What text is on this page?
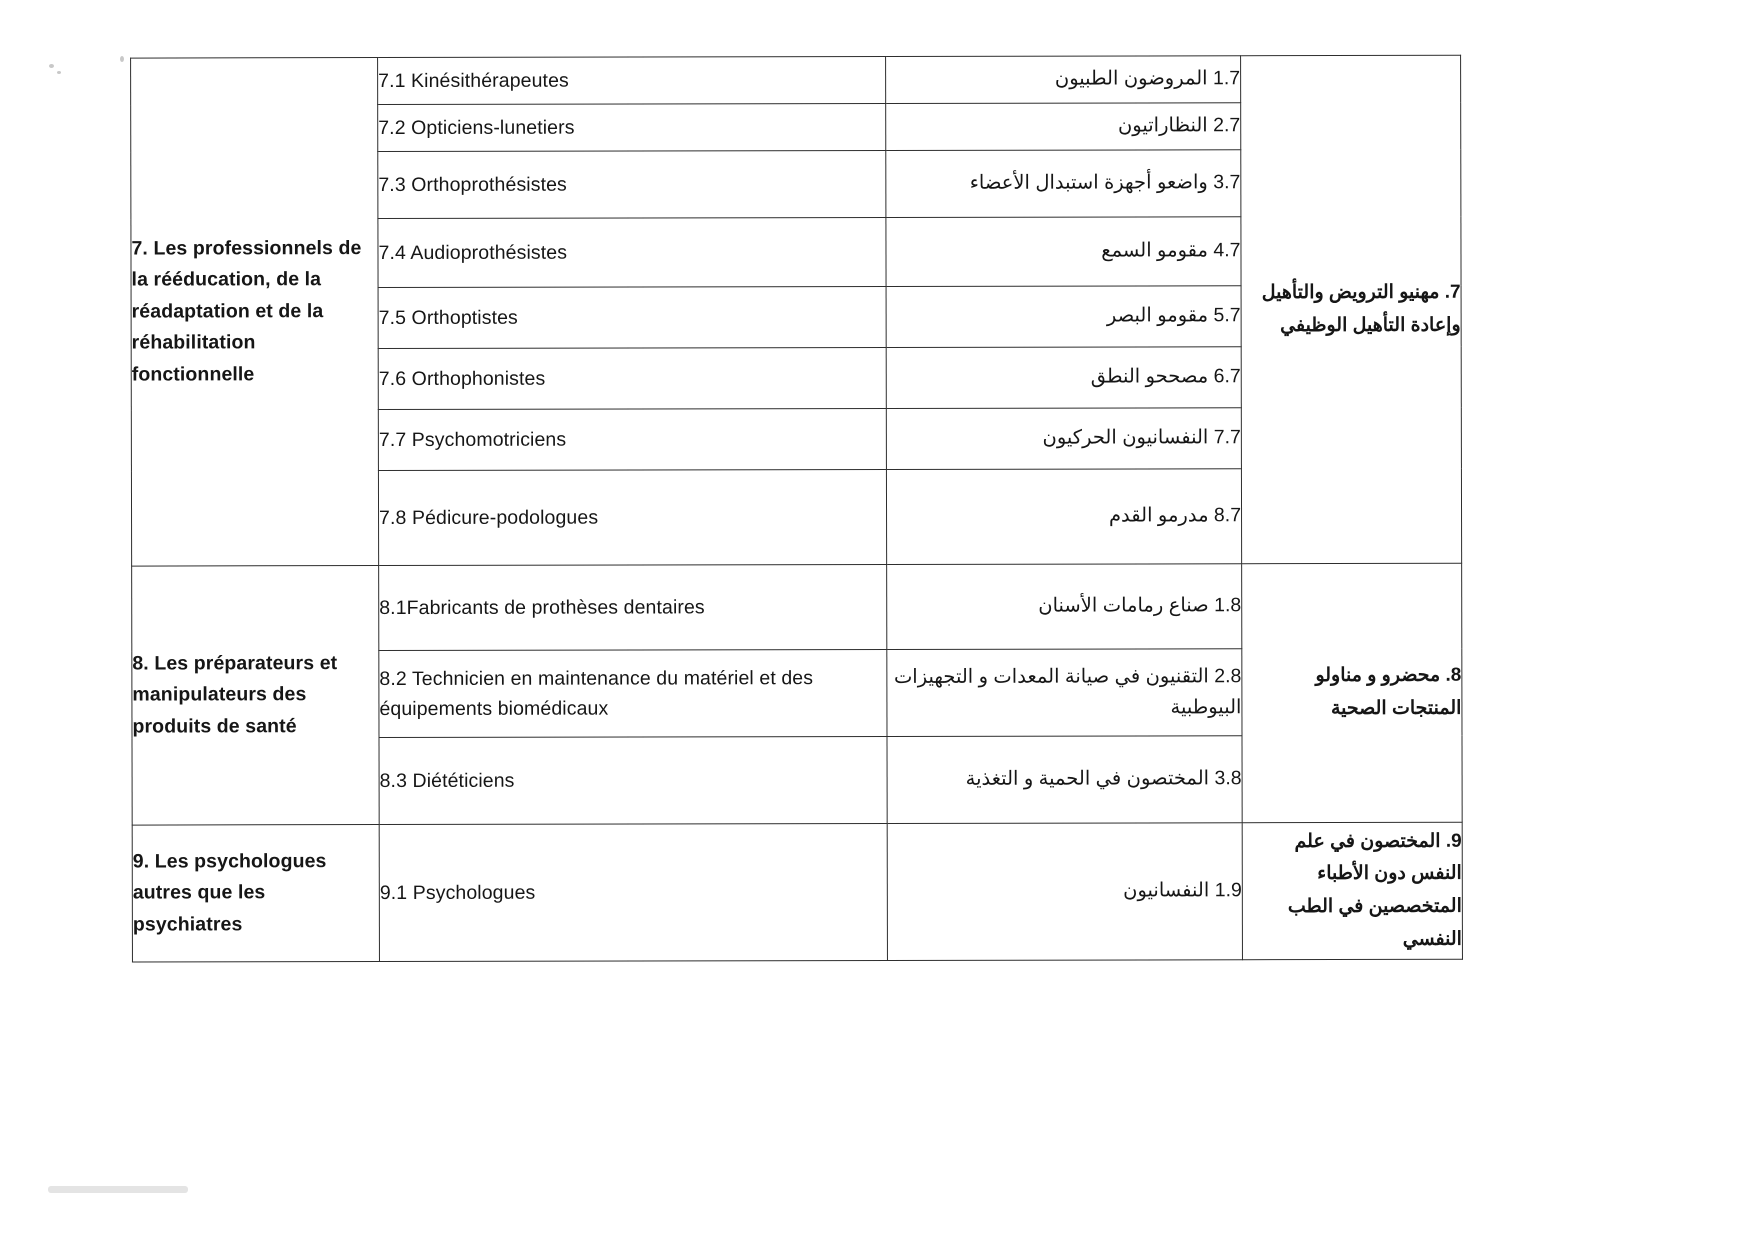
7. Les professionnels de la rééducation, de la réadaptation et de la réhabilitation fonctionnelle	7.1 Kinésithérapeutes	1.7 المروضون الطبيون	7. مهنيو الترويض والتأهيل وإعادة التأهيل الوظيفي
	7.2 Opticiens-lunetiers	2.7 النظاراتيون	
	7.3 Orthoprothésistes	3.7 واضعو أجهزة استبدال الأعضاء	
	7.4 Audioprothésistes	4.7 مقومو السمع	
	7.5 Orthoptistes	5.7 مقومو البصر	
	7.6 Orthophonistes	6.7 مصححو النطق	
	7.7 Psychomotriciens	7.7 النفسانيون الحركيون	
	7.8 Pédicure-podologues	8.7 مدرمو القدم	
8. Les préparateurs et manipulateurs des produits de santé	8.1Fabricants de prothèses dentaires	1.8 صناع رمامات الأسنان	8. محضرو و مناولو المنتجات الصحية
	8.2 Technicien en maintenance du matériel et des équipements biomédicaux	2.8 التقنيون في صيانة المعدات و التجهيزات البيوطبية	
	8.3 Diététiciens	3.8 المختصون في الحمية و التغذية	
9. Les psychologues autres que les psychiatres	9.1 Psychologues	1.9 النفسانيون	9. المختصون في علم النفس دون الأطباء المتخصصين في الطب النفسي
